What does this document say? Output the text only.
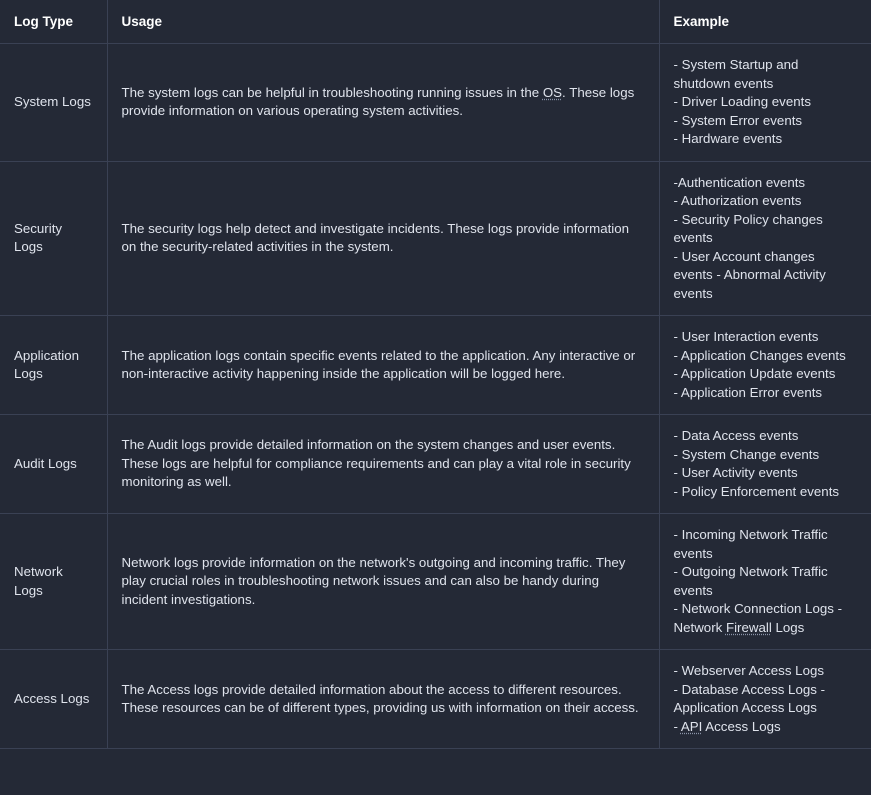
Log Type	Usage	Example
System Logs	The system logs can be helpful in troubleshooting running issues in the OS. These logs provide information on various operating system activities.	- System Startup and shutdown events
- Driver Loading events
- System Error events
- Hardware events

Security Logs	The security logs help detect and investigate incidents. These logs provide information on the security-related activities in the system.	-Authentication events
- Authorization events
- Security Policy changes events
- User Account changes events - Abnormal Activity events

Application Logs	The application logs contain specific events related to the application. Any interactive or non-interactive activity happening inside the application will be logged here.	- User Interaction events
- Application Changes events
- Application Update events
- Application Error events

Audit Logs	The Audit logs provide detailed information on the system changes and user events. These logs are helpful for compliance requirements and can play a vital role in security monitoring as well.	- Data Access events
- System Change events
- User Activity events
- Policy Enforcement events

Network Logs	Network logs provide information on the network's outgoing and incoming traffic. They play crucial roles in troubleshooting network issues and can also be handy during incident investigations.	- Incoming Network Traffic events
- Outgoing Network Traffic events
- Network Connection Logs - Network Firewall Logs

Access Logs	The Access logs provide detailed information about the access to different resources. These resources can be of different types, providing us with information on their access.	- Webserver Access Logs
- Database Access Logs - Application Access Logs
- API Access Logs
